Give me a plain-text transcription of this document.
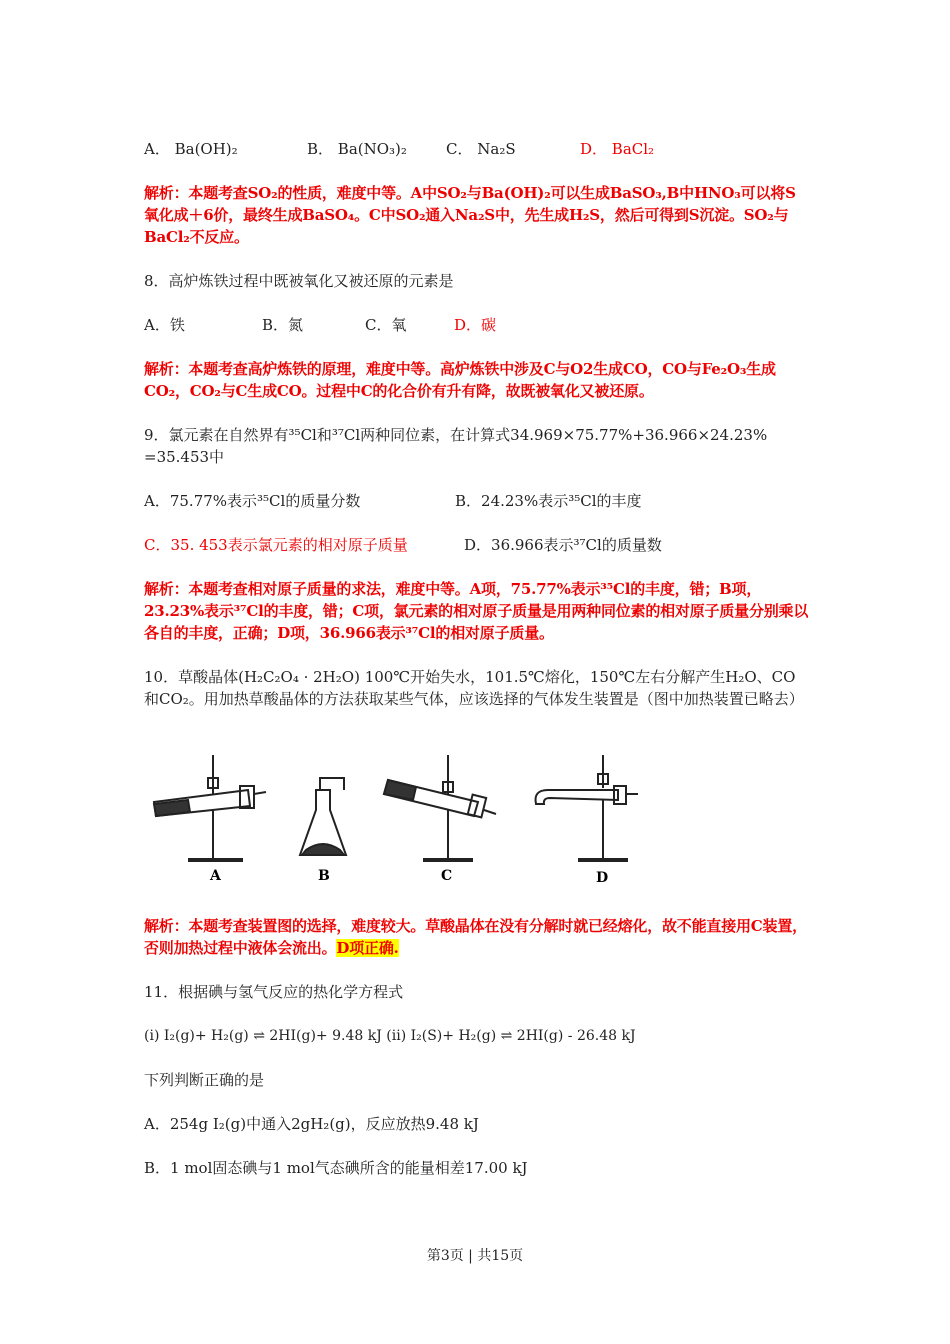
A． Ba(OH)₂	B． Ba(NO₃)₂	C． Na₂S	D． BaCl₂
解析：本题考查SO₂的性质，难度中等。A中SO₂与Ba(OH)₂可以生成BaSO₃,B中HNO₃可以将S氧化成＋6价，最终生成BaSO₄。C中SO₂通入Na₂S中，先生成H₂S，然后可得到S沉淀。SO₂与BaCl₂不反应。
8．高炉炼铁过程中既被氧化又被还原的元素是
A．铁	B．氮	C．氧	D．碳
解析：本题考查高炉炼铁的原理，难度中等。高炉炼铁中涉及C与O2生成CO，CO与Fe₂O₃生成CO₂，CO₂与C生成CO。过程中C的化合价有升有降，故既被氧化又被还原。
9．氯元素在自然界有³⁵Cl和³⁷Cl两种同位素，在计算式34.969×75.77%+36.966×24.23% =35.453中
A．75.77%表示³⁵Cl的质量分数	B．24.23%表示³⁵Cl的丰度
C．35. 453表示氯元素的相对原子质量	D．36.966表示³⁷Cl的质量数
解析：本题考查相对原子质量的求法，难度中等。A项，75.77%表示³⁵Cl的丰度，错；B项，23.23%表示³⁷Cl的丰度，错；C项，氯元素的相对原子质量是用两种同位素的相对原子质量分别乘以各自的丰度，正确；D项，36.966表示³⁷Cl的相对原子质量。
10．草酸晶体(H₂C₂O₄ · 2H₂O) 100℃开始失水，101.5℃熔化，150℃左右分解产生H₂O、CO和CO₂。用加热草酸晶体的方法获取某些气体，应该选择的气体发生装置是（图中加热装置已略去）
A	B	C	D
解析：本题考查装置图的选择，难度较大。草酸晶体在没有分解时就已经熔化，故不能直接用C装置，否则加热过程中液体会流出。D项正确.
11．根据碘与氢气反应的热化学方程式
(i) I₂(g)+ H₂(g) ⇌ 2HI(g)+ 9.48 kJ (ii) I₂(S)+ H₂(g) ⇌ 2HI(g) - 26.48 kJ
下列判断正确的是
A．254g I₂(g)中通入2gH₂(g)，反应放热9.48 kJ
B．1 mol固态碘与1 mol气态碘所含的能量相差17.00 kJ
第3页 | 共15页
